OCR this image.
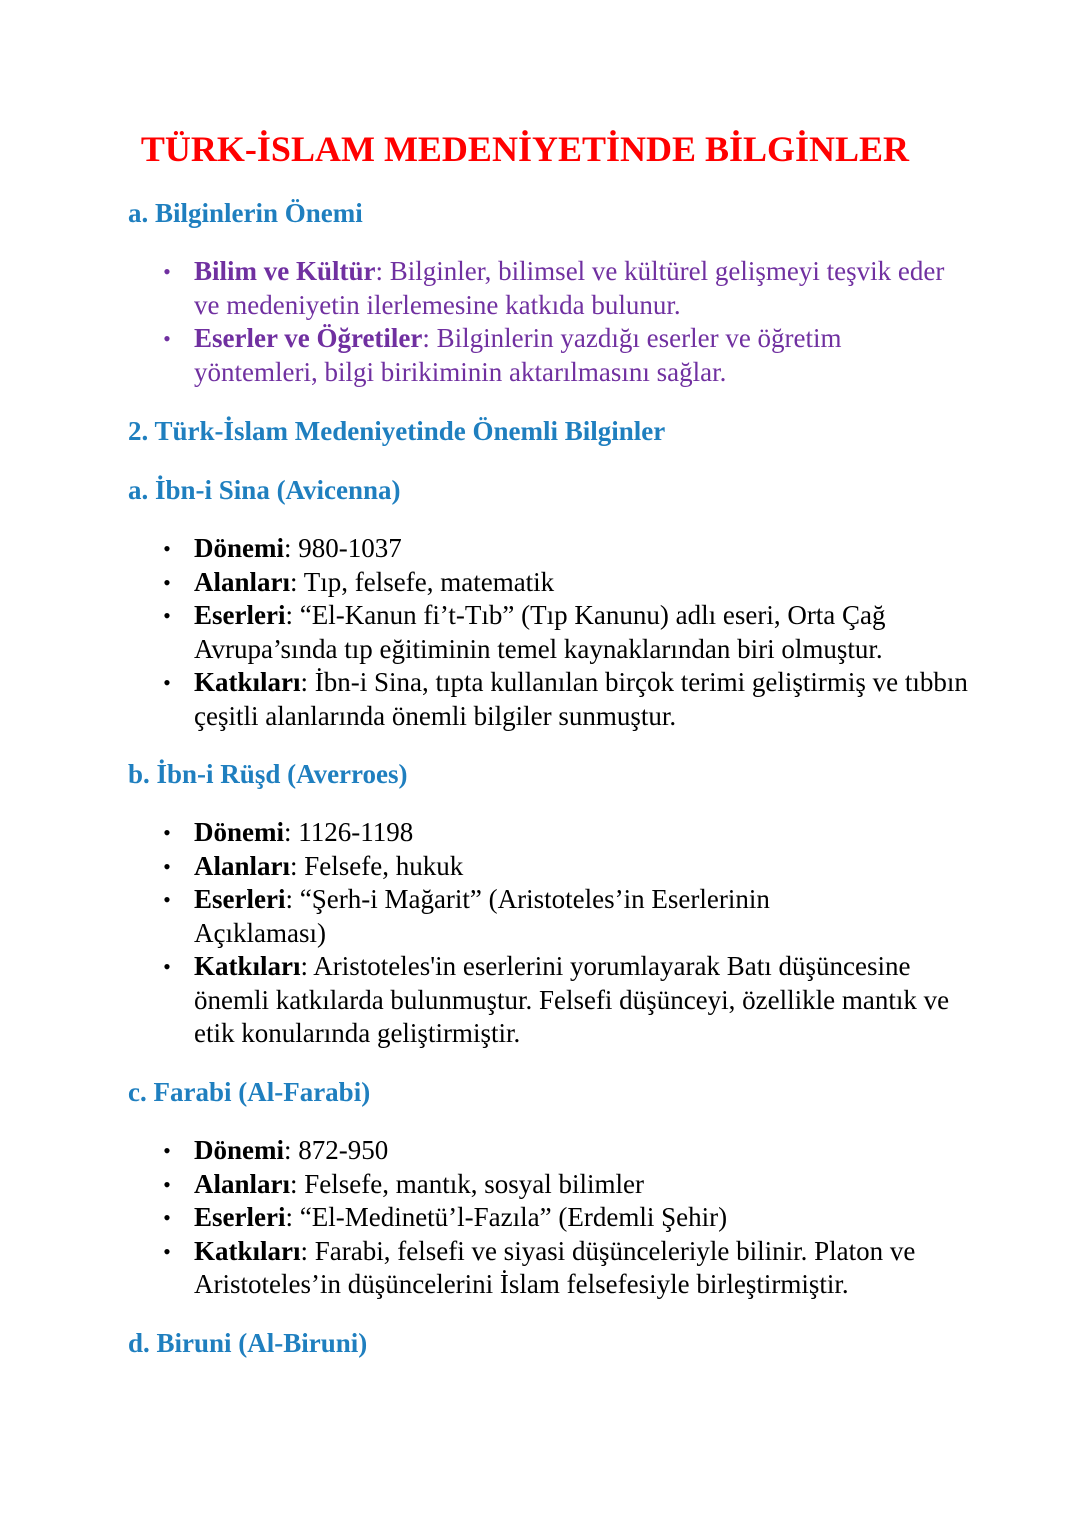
TÜRK-İSLAM MEDENİYETİNDE BİLGİNLER
a. Bilginlerin Önemi
• Bilim ve Kültür: Bilginler, bilimsel ve kültürel gelişmeyi teşvik eder ve medeniyetin ilerlemesine katkıda bulunur.
• Eserler ve Öğretiler: Bilginlerin yazdığı eserler ve öğretim yöntemleri, bilgi birikiminin aktarılmasını sağlar.
2. Türk-İslam Medeniyetinde Önemli Bilginler
a. İbn-i Sina (Avicenna)
• Dönemi: 980-1037
• Alanları: Tıp, felsefe, matematik
• Eserleri: “El-Kanun fi’t-Tıb” (Tıp Kanunu) adlı eseri, Orta Çağ Avrupa’sında tıp eğitiminin temel kaynaklarından biri olmuştur.
• Katkıları: İbn-i Sina, tıpta kullanılan birçok terimi geliştirmiş ve tıbbın çeşitli alanlarında önemli bilgiler sunmuştur.
b. İbn-i Rüşd (Averroes)
• Dönemi: 1126-1198
• Alanları: Felsefe, hukuk
• Eserleri: “Şerh-i Mağarit” (Aristoteles’in Eserlerinin Açıklaması)
• Katkıları: Aristoteles'in eserlerini yorumlayarak Batı düşüncesine önemli katkılarda bulunmuştur. Felsefi düşünceyi, özellikle mantık ve etik konularında geliştirmiştir.
c. Farabi (Al-Farabi)
• Dönemi: 872-950
• Alanları: Felsefe, mantık, sosyal bilimler
• Eserleri: “El-Medinetü’l-Fazıla” (Erdemli Şehir)
• Katkıları: Farabi, felsefi ve siyasi düşünceleriyle bilinir. Platon ve Aristoteles’in düşüncelerini İslam felsefesiyle birleştirmiştir.
d. Biruni (Al-Biruni)
